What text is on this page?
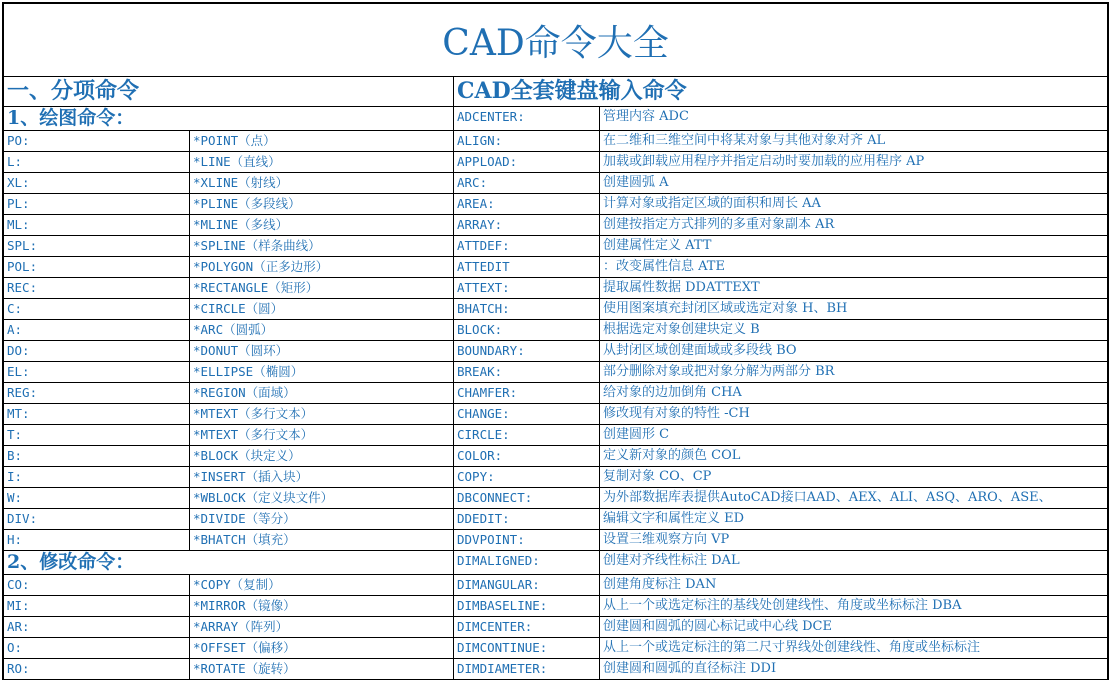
CAD命令大全
一、分项命令	CAD全套键盘输入命令
1、绘图命令：	ADCENTER:	管理内容 ADC
PO:	*POINT（点）	ALIGN:	在二维和三维空间中将某对象与其他对象对齐 AL
L:	*LINE（直线）	APPLOAD:	加载或卸载应用程序并指定启动时要加载的应用程序 AP
XL:	*XLINE（射线）	ARC:	创建圆弧 A
PL:	*PLINE（多段线）	AREA:	计算对象或指定区域的面积和周长 AA
ML:	*MLINE（多线）	ARRAY:	创建按指定方式排列的多重对象副本 AR
SPL:	*SPLINE（样条曲线）	ATTDEF:	创建属性定义 ATT
POL:	*POLYGON（正多边形）	ATTEDIT	：改变属性信息 ATE
REC:	*RECTANGLE（矩形）	ATTEXT:	提取属性数据 DDATTEXT
C:	*CIRCLE（圆）	BHATCH:	使用图案填充封闭区域或选定对象 H、BH
A:	*ARC（圆弧）	BLOCK:	根据选定对象创建块定义 B
DO:	*DONUT（圆环）	BOUNDARY:	从封闭区域创建面域或多段线 BO
EL:	*ELLIPSE（椭圆）	BREAK:	部分删除对象或把对象分解为两部分 BR
REG:	*REGION（面域）	CHAMFER:	给对象的边加倒角 CHA
MT:	*MTEXT（多行文本）	CHANGE:	修改现有对象的特性 -CH
T:	*MTEXT（多行文本）	CIRCLE:	创建圆形 C
B:	*BLOCK（块定义）	COLOR:	定义新对象的颜色 COL
I:	*INSERT（插入块）	COPY:	复制对象 CO、CP
W:	*WBLOCK（定义块文件）	DBCONNECT:	为外部数据库表提供AutoCAD接口AAD、AEX、ALI、ASQ、ARO、ASE、
DIV:	*DIVIDE（等分）	DDEDIT:	编辑文字和属性定义 ED
H:	*BHATCH（填充）	DDVPOINT:	设置三维观察方向 VP
2、修改命令：	DIMALIGNED:	创建对齐线性标注 DAL
CO:	*COPY（复制）	DIMANGULAR:	创建角度标注 DAN
MI:	*MIRROR（镜像）	DIMBASELINE:	从上一个或选定标注的基线处创建线性、角度或坐标标注 DBA
AR:	*ARRAY（阵列）	DIMCENTER:	创建圆和圆弧的圆心标记或中心线 DCE
O:	*OFFSET（偏移）	DIMCONTINUE:	从上一个或选定标注的第二尺寸界线处创建线性、角度或坐标标注
RO:	*ROTATE（旋转）	DIMDIAMETER:	创建圆和圆弧的直径标注 DDI
